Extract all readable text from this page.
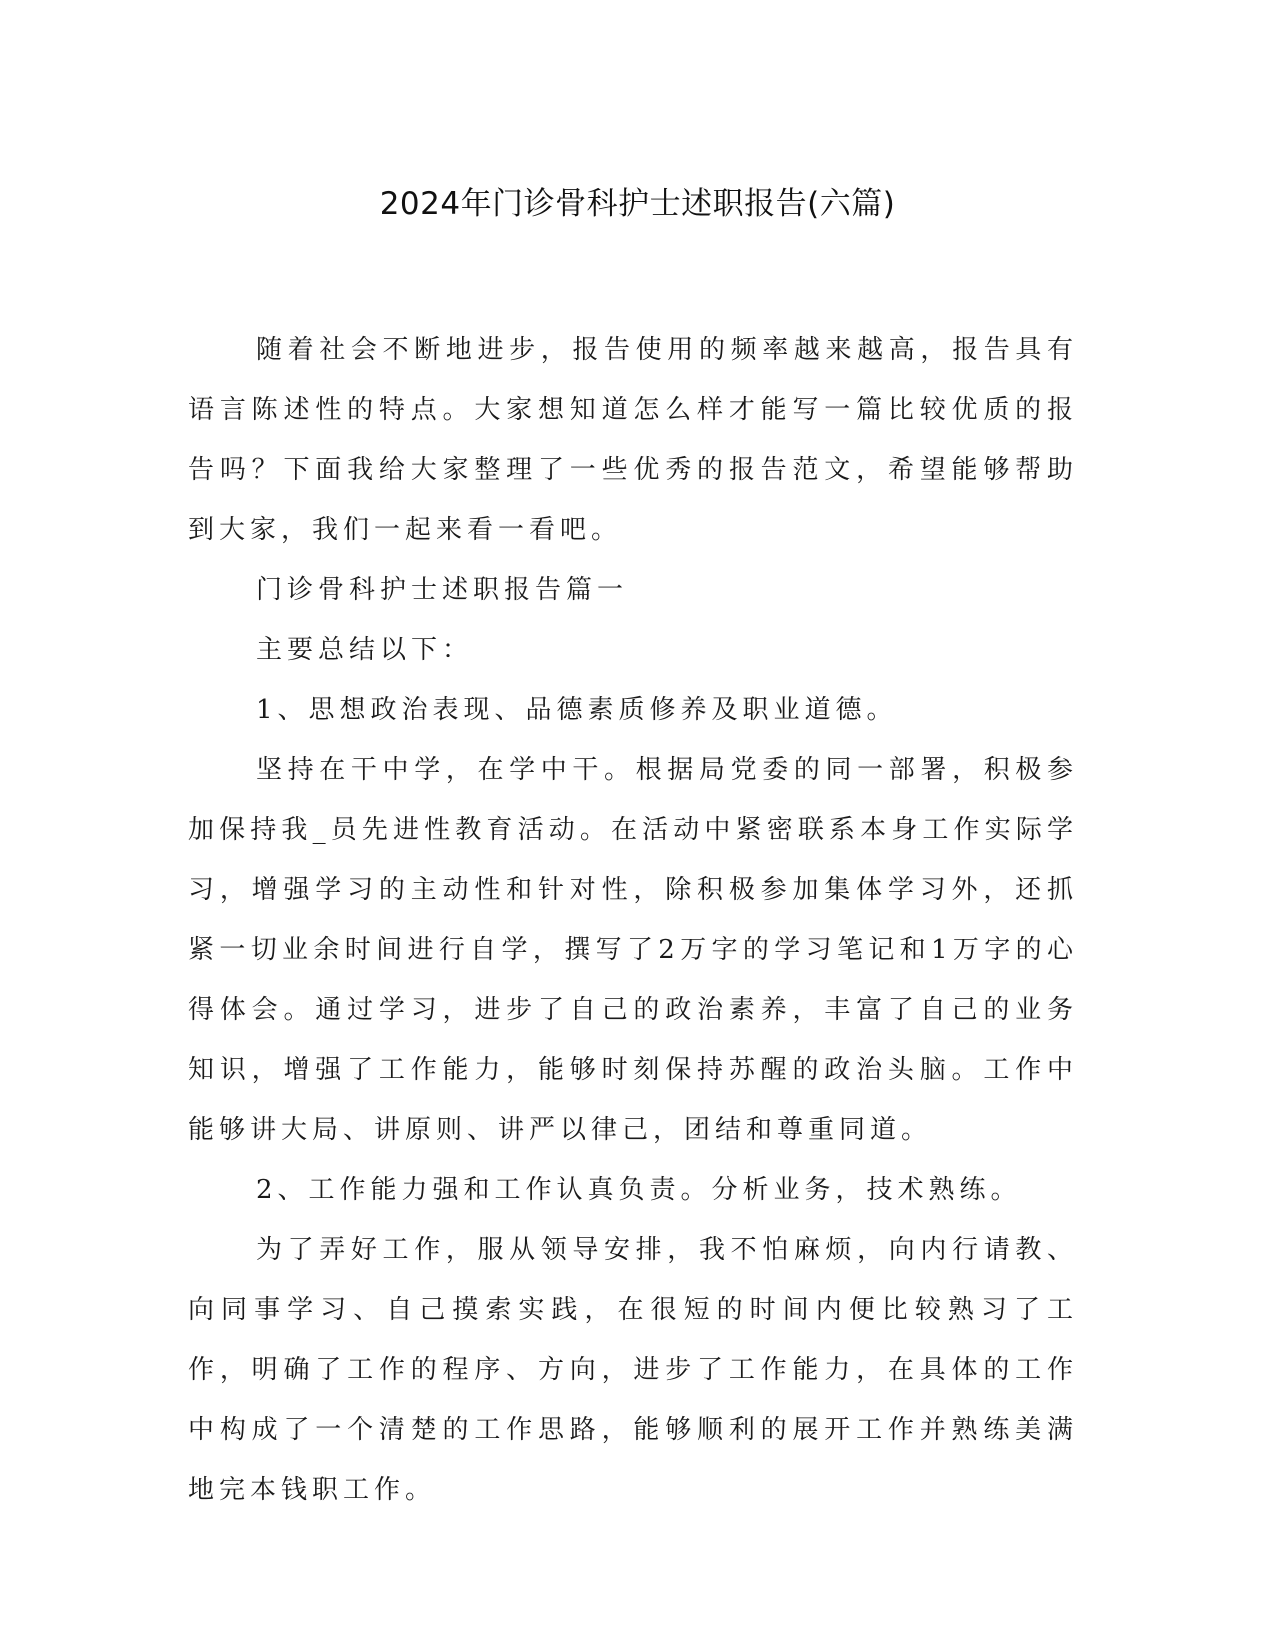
2024年门诊骨科护士述职报告(六篇)

随着社会不断地进步，报告使用的频率越来越高，报告具有语言陈述性的特点。大家想知道怎么样才能写一篇比较优质的报告吗？下面我给大家整理了一些优秀的报告范文，希望能够帮助到大家，我们一起来看一看吧。

门诊骨科护士述职报告篇一

主要总结以下：

1、思想政治表现、品德素质修养及职业道德。

坚持在干中学，在学中干。根据局党委的同一部署，积极参加保持我_员先进性教育活动。在活动中紧密联系本身工作实际学习，增强学习的主动性和针对性，除积极参加集体学习外，还抓紧一切业余时间进行自学，撰写了2万字的学习笔记和1万字的心得体会。通过学习，进步了自己的政治素养，丰富了自己的业务知识，增强了工作能力，能够时刻保持苏醒的政治头脑。工作中能够讲大局、讲原则、讲严以律己，团结和尊重同道。

2、工作能力强和工作认真负责。分析业务，技术熟练。

为了弄好工作，服从领导安排，我不怕麻烦，向内行请教、向同事学习、自己摸索实践，在很短的时间内便比较熟习了工作，明确了工作的程序、方向，进步了工作能力，在具体的工作中构成了一个清楚的工作思路，能够顺利的展开工作并熟练美满地完本钱职工作。
